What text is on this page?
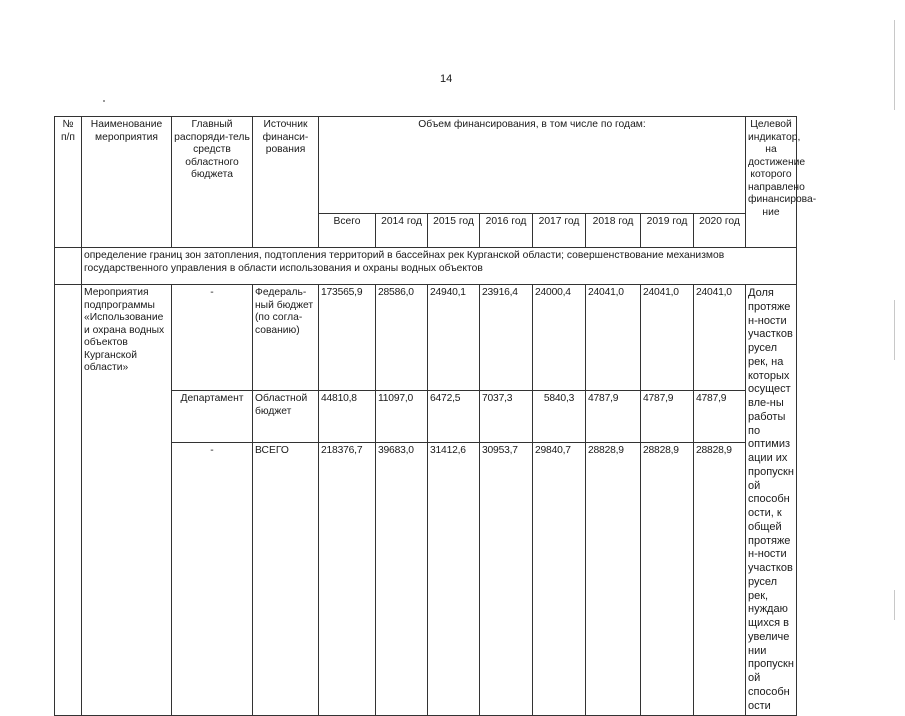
14
№ п/п	Наименование мероприятия	Главный распоряди-тель средств областного бюджета	Источник финанси-рования	Объем финансирования, в том числе по годам:								Целевой индикатор, на достижение которого направлено финансирова-ние
				Всего	2014 год	2015 год	2016 год	2017 год	2018 год	2019 год	2020 год	
	определение границ зон затопления, подтопления территорий в басcейнах рек Курганской области; совершенствование механизмов государственного управления в области использования и охраны водных объектов											
	Мероприятия подпрограммы «Использование и охрана водных объектов Курганской области»	-	Федераль-ный бюджет (по согла-сованию)	173565,9	28586,0	24940,1	23916,4	24000,4	24041,0	24041,0	24041,0	Доля протяжен-ности участков русел рек, на которых осуществле-ны работы по оптимизации их пропускной способности, к общей протяжен-ности участков русел рек, нуждающихся в увеличении пропускной способности
		Департамент	Областной бюджет	44810,8	11097,0	6472,5	7037,3	5840,3	4787,9	4787,9	4787,9	
		-	ВСЕГО	218376,7	39683,0	31412,6	30953,7	29840,7	28828,9	28828,9	28828,9	
